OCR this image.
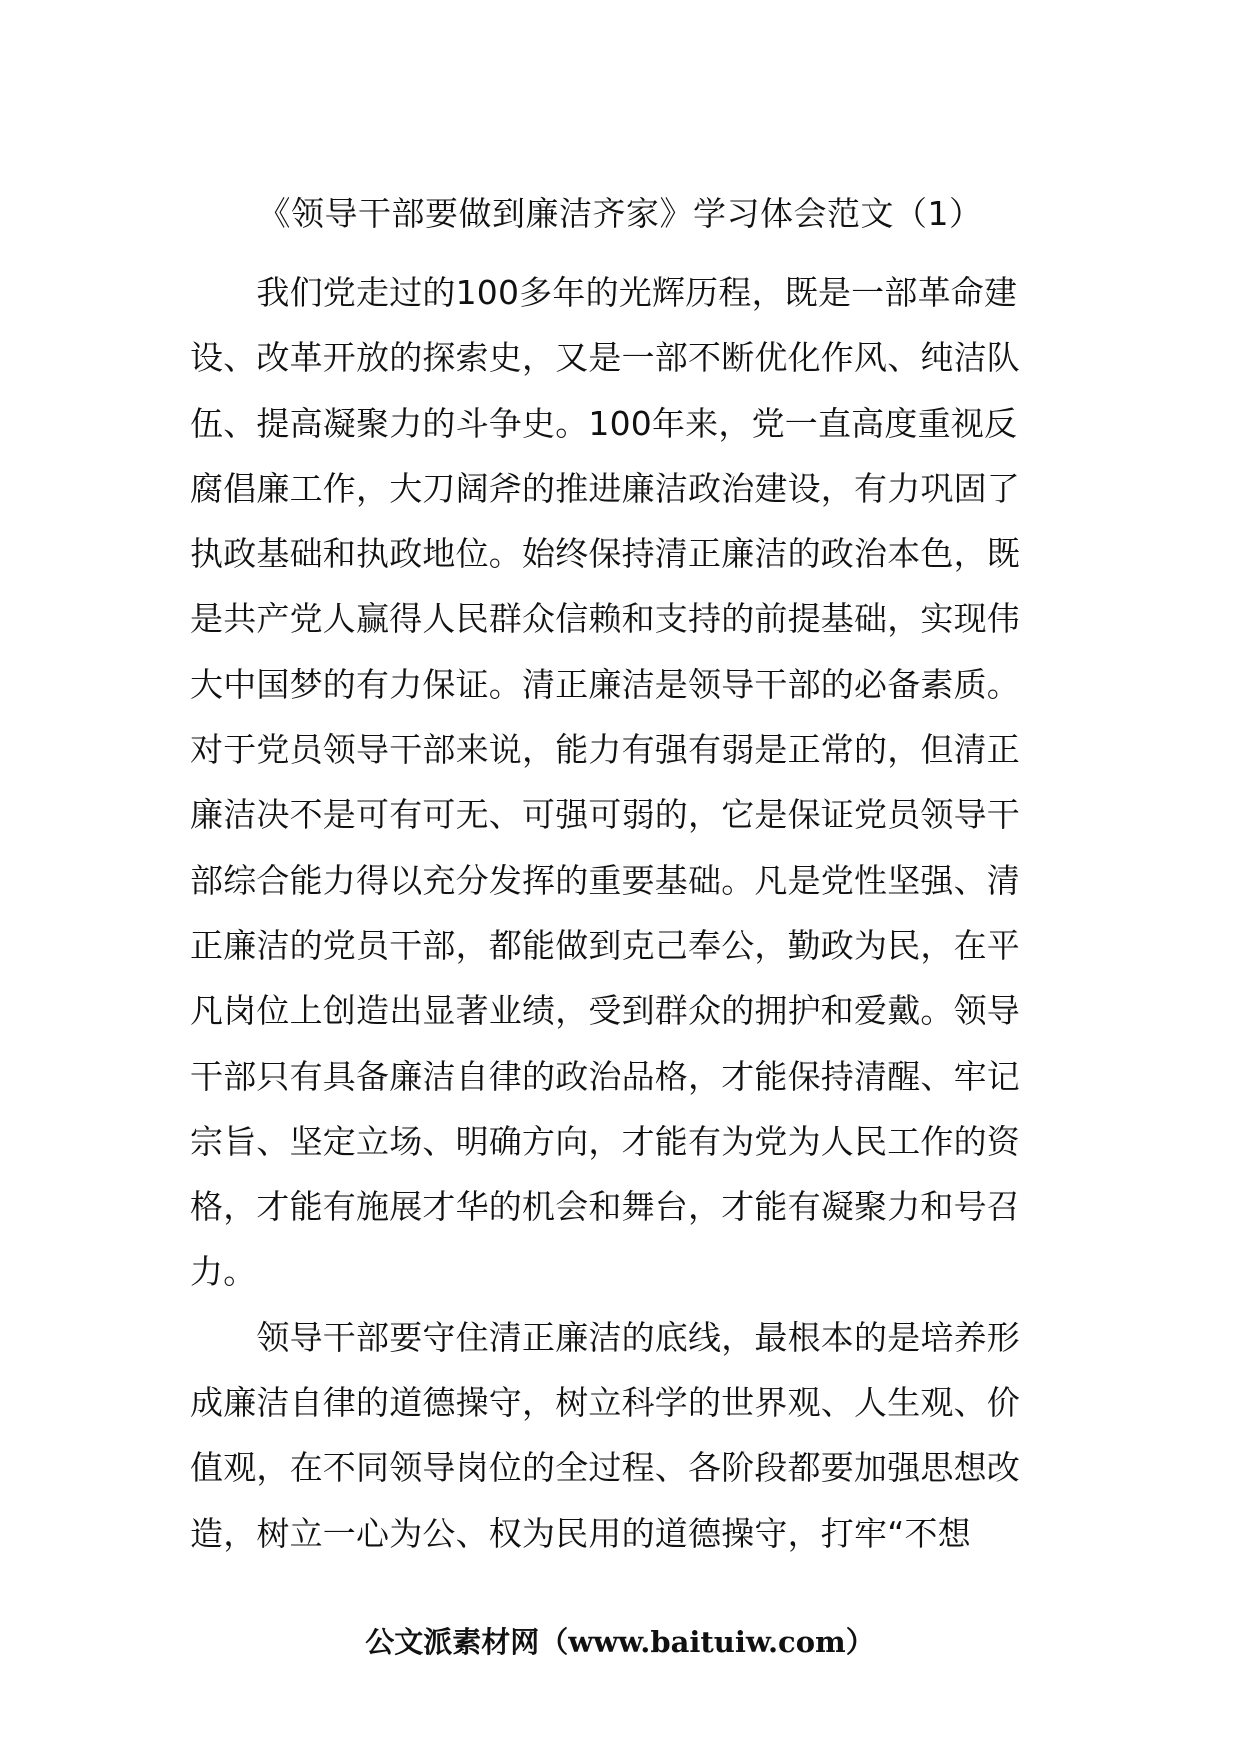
《领导干部要做到廉洁齐家》学习体会范文（1）
　　我们党走过的100多年的光辉历程，既是一部革命建
设、改革开放的探索史，又是一部不断优化作风、纯洁队
伍、提高凝聚力的斗争史。100年来，党一直高度重视反
腐倡廉工作，大刀阔斧的推进廉洁政治建设，有力巩固了
执政基础和执政地位。始终保持清正廉洁的政治本色，既
是共产党人赢得人民群众信赖和支持的前提基础，实现伟
大中国梦的有力保证。清正廉洁是领导干部的必备素质。
对于党员领导干部来说，能力有强有弱是正常的，但清正
廉洁决不是可有可无、可强可弱的，它是保证党员领导干
部综合能力得以充分发挥的重要基础。凡是党性坚强、清
正廉洁的党员干部，都能做到克己奉公，勤政为民，在平
凡岗位上创造出显著业绩，受到群众的拥护和爱戴。领导
干部只有具备廉洁自律的政治品格，才能保持清醒、牢记
宗旨、坚定立场、明确方向，才能有为党为人民工作的资
格，才能有施展才华的机会和舞台，才能有凝聚力和号召
力。
　　领导干部要守住清正廉洁的底线，最根本的是培养形
成廉洁自律的道德操守，树立科学的世界观、人生观、价
值观，在不同领导岗位的全过程、各阶段都要加强思想改
造，树立一心为公、权为民用的道德操守，打牢“不想
公文派素材网（www.baituiw.com）
